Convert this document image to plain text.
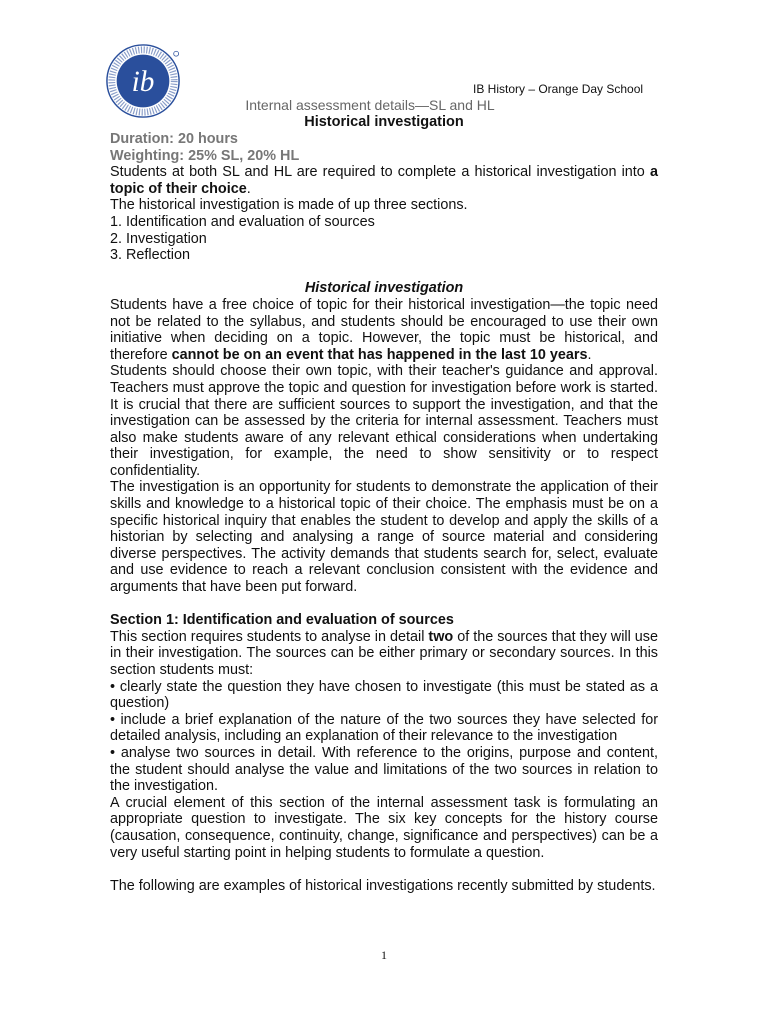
ib	IB History – Orange Day School
Internal assessment details—SL and HL
Historical investigation

Duration: 20 hours

Weighting: 25% SL, 20% HL

Students at both SL and HL are required to complete a historical investigation into a topic of their choice.

The historical investigation is made of up three sections.

1. Identification and evaluation of sources

2. Investigation

3. Reflection

Historical investigation

Students have a free choice of topic for their historical investigation—the topic need not be related to the syllabus, and students should be encouraged to use their own initiative when deciding on a topic. However, the topic must be historical, and therefore cannot be on an event that has happened in the last 10 years.

Students should choose their own topic, with their teacher's guidance and approval. Teachers must approve the topic and question for investigation before work is started. It is crucial that there are sufficient sources to support the investigation, and that the investigation can be assessed by the criteria for internal assessment. Teachers must also make students aware of any relevant ethical considerations when undertaking their investigation, for example, the need to show sensitivity or to respect confidentiality.

The investigation is an opportunity for students to demonstrate the application of their skills and knowledge to a historical topic of their choice. The emphasis must be on a specific historical inquiry that enables the student to develop and apply the skills of a historian by selecting and analysing a range of source material and considering diverse perspectives. The activity demands that students search for, select, evaluate and use evidence to reach a relevant conclusion consistent with the evidence and arguments that have been put forward.

Section 1: Identification and evaluation of sources

This section requires students to analyse in detail two of the sources that they will use in their investigation. The sources can be either primary or secondary sources. In this section students must:

• clearly state the question they have chosen to investigate (this must be stated as a question)

• include a brief explanation of the nature of the two sources they have selected for detailed analysis, including an explanation of their relevance to the investigation

• analyse two sources in detail. With reference to the origins, purpose and content, the student should analyse the value and limitations of the two sources in relation to the investigation.

A crucial element of this section of the internal assessment task is formulating an appropriate question to investigate. The six key concepts for the history course (causation, consequence, continuity, change, significance and perspectives) can be a very useful starting point in helping students to formulate a question.

The following are examples of historical investigations recently submitted by students.

1
